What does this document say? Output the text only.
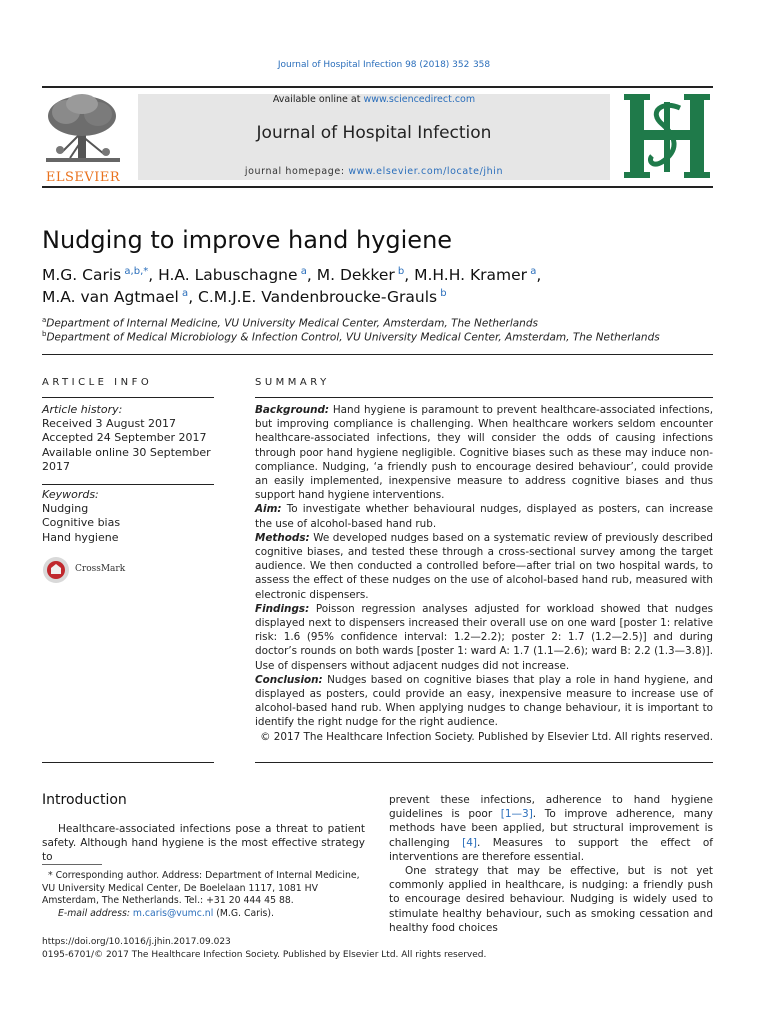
Journal of Hospital Infection 98 (2018) 352  358
ELSEVIER
Available online at www.sciencedirect.com
Journal of Hospital Infection
journal homepage: www.elsevier.com/locate/jhin
Nudging to improve hand hygiene
M.G. Caris $^{a,b,*}$, H.A. Labuschagne $^a$, M. Dekker $^b$, M.H.H. Kramer $^a$,
M.A. van Agtmael $^a$, C.M.J.E. Vandenbroucke-Grauls $^b$
$^a$Department of Internal Medicine, VU University Medical Center, Amsterdam, The Netherlands
$^b$Department of Medical Microbiology & Infection Control, VU University Medical Center, Amsterdam, The Netherlands
ARTICLE INFO
Article history:
Received 3 August 2017
Accepted 24 September 2017
Available online 30 September
2017
Keywords:
Nudging
Cognitive bias
Hand hygiene
CrossMark
SUMMARY

Background: Hand hygiene is paramount to prevent healthcare-associated infections, but improving compliance is challenging. When healthcare workers seldom encounter healthcare-associated infections, they will consider the odds of causing infections through poor hand hygiene negligible. Cognitive biases such as these may induce non-compliance. Nudging, ‘a friendly push to encourage desired behaviour’, could provide an easily implemented, inexpensive measure to address cognitive biases and thus support hand hygiene interventions.

Aim: To investigate whether behavioural nudges, displayed as posters, can increase the use of alcohol-based hand rub.

Methods: We developed nudges based on a systematic review of previously described cognitive biases, and tested these through a cross-sectional survey among the target audience. We then conducted a controlled before—after trial on two hospital wards, to assess the effect of these nudges on the use of alcohol-based hand rub, measured with electronic dispensers.

Findings: Poisson regression analyses adjusted for workload showed that nudges displayed next to dispensers increased their overall use on one ward [poster 1: relative risk: 1.6 (95% confidence interval: 1.2—2.2); poster 2: 1.7 (1.2—2.5)] and during doctor’s rounds on both wards [poster 1: ward A: 1.7 (1.1—2.6); ward B: 2.2 (1.3—3.8)]. Use of dispensers without adjacent nudges did not increase.

Conclusion: Nudges based on cognitive biases that play a role in hand hygiene, and displayed as posters, could provide an easy, inexpensive measure to increase use of alcohol-based hand rub. When applying nudges to change behaviour, it is important to identify the right nudge for the right audience.

© 2017 The Healthcare Infection Society. Published by Elsevier Ltd. All rights reserved.

Introduction

Healthcare-associated infections pose a threat to patient safety. Although hand hygiene is the most effective strategy to

prevent these infections, adherence to hand hygiene guidelines is poor [1—3]. To improve adherence, many methods have been applied, but structural improvement is challenging [4]. Measures to support the effect of interventions are therefore essential.

One strategy that may be effective, but is not yet commonly applied in healthcare, is nudging: a friendly push to encourage desired behaviour. Nudging is widely used to stimulate healthy behaviour, such as smoking cessation and healthy food choices

* Corresponding author. Address: Department of Internal Medicine, VU University Medical Center, De Boelelaan 1117, 1081 HV Amsterdam, The Netherlands. Tel.: +31 20 444 45 88.
E-mail address: m.caris@vumc.nl (M.G. Caris).
https://doi.org/10.1016/j.jhin.2017.09.023
0195-6701/© 2017 The Healthcare Infection Society. Published by Elsevier Ltd. All rights reserved.
